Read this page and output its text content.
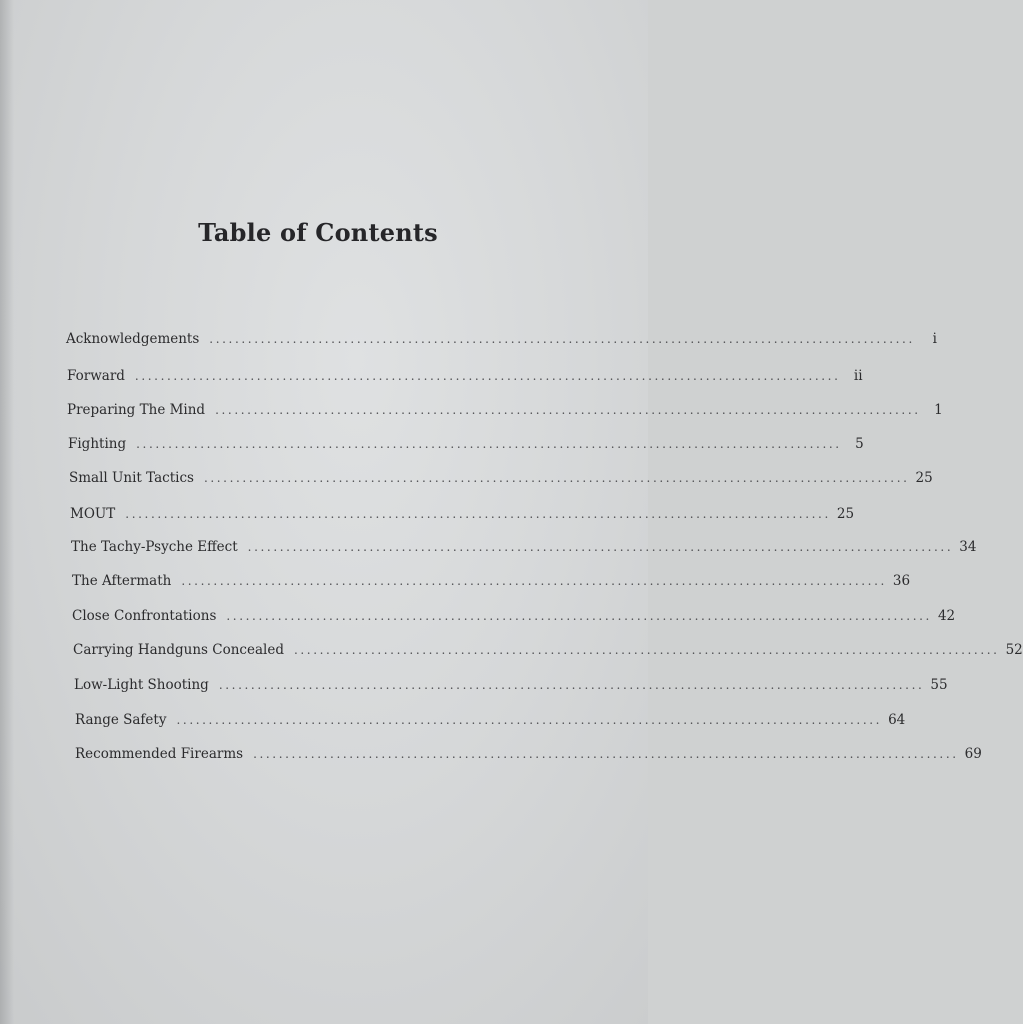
Table of Contents
Acknowledgements ..............................................................................................................	i
Forward .............................................................................................................. ii
Preparing The Mind .............................................................................................................. 1
Fighting .............................................................................................................. 5
Small Unit Tactics .............................................................................................................. 25
MOUT .............................................................................................................. 25
The Tachy-Psyche Effect .............................................................................................................. 34
The Aftermath .............................................................................................................. 36
Close Confrontations .............................................................................................................. 42
Carrying Handguns Concealed .............................................................................................................. 52
Low-Light Shooting .............................................................................................................. 55
Range Safety .............................................................................................................. 64
Recommended Firearms .............................................................................................................. 69
